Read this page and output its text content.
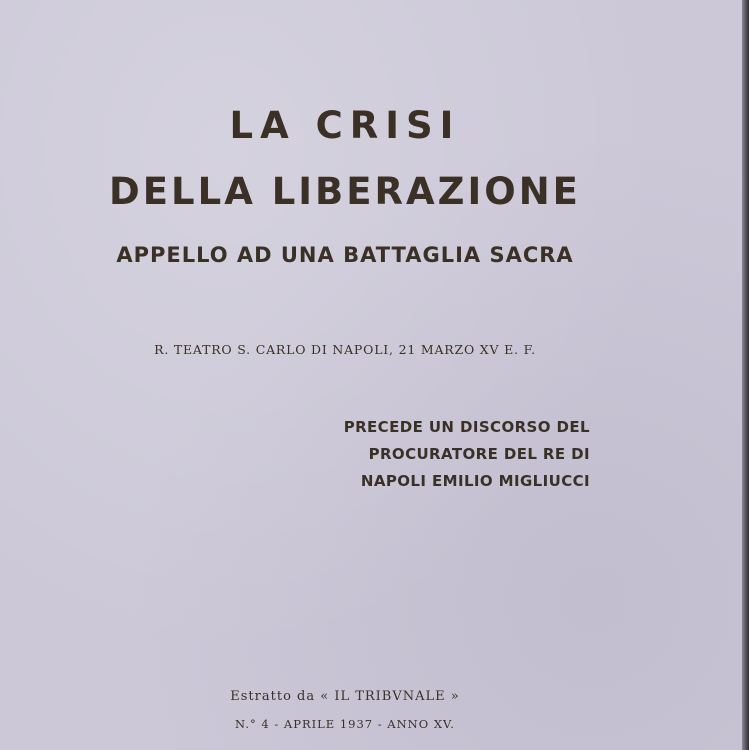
LA CRISI
DELLA LIBERAZIONE
APPELLO AD UNA BATTAGLIA SACRA
R. TEATRO S. CARLO DI NAPOLI, 21 MARZO XV E. F.
PRECEDE UN DISCORSO DEL
PROCURATORE DEL RE DI
NAPOLI EMILIO MIGLIUCCI
Estratto da « IL TRIBVNALE »
N.° 4 - APRILE 1937 - ANNO XV.
